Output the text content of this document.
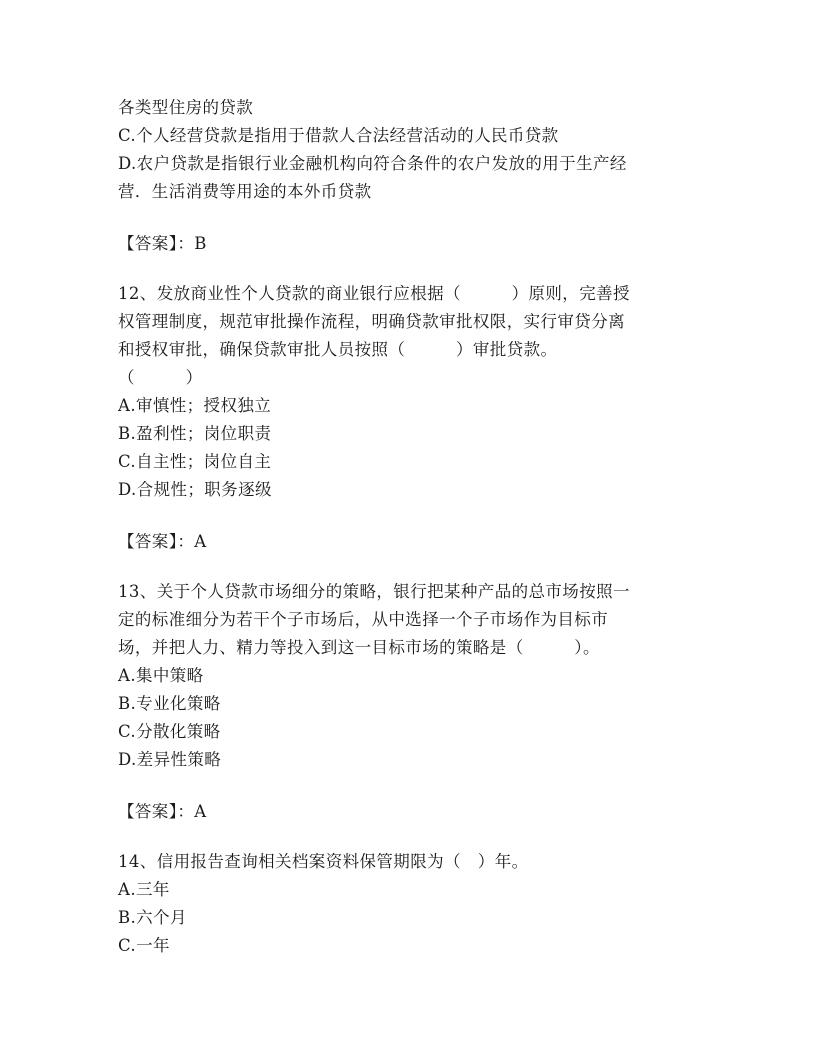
各类型住房的贷款
C.个人经营贷款是指用于借款人合法经营活动的人民币贷款
D.农户贷款是指银行业金融机构向符合条件的农户发放的用于生产经
营．生活消费等用途的本外币贷款
【答案】：B
12、发放商业性个人贷款的商业银行应根据（　　　）原则，完善授
权管理制度，规范审批操作流程，明确贷款审批权限，实行审贷分离
和授权审批，确保贷款审批人员按照（　　　）审批贷款。
（　　　）
A.审慎性；授权独立
B.盈利性；岗位职责
C.自主性；岗位自主
D.合规性；职务逐级
【答案】：A
13、关于个人贷款市场细分的策略，银行把某种产品的总市场按照一
定的标准细分为若干个子市场后，从中选择一个子市场作为目标市
场，并把人力、精力等投入到这一目标市场的策略是（　　　）。
A.集中策略
B.专业化策略
C.分散化策略
D.差异性策略
【答案】：A
14、信用报告查询相关档案资料保管期限为（　）年。
A.三年
B.六个月
C.一年
